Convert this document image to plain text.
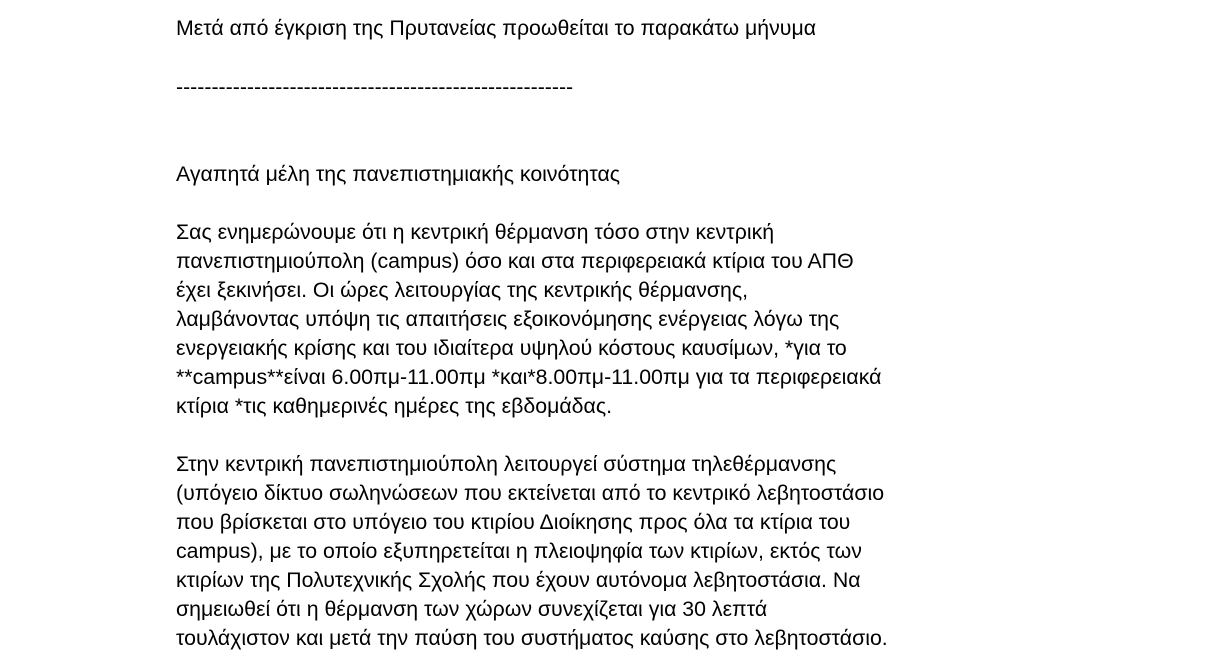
Μετά από έγκριση της Πρυτανείας προωθείται το παρακάτω μήνυμα

--------------------------------------------------------

Αγαπητά μέλη της πανεπιστημιακής κοινότητας

Σας ενημερώνουμε ότι η κεντρική θέρμανση τόσο στην κεντρική
πανεπιστημιούπολη (campus) όσο και στα περιφερειακά κτίρια του ΑΠΘ
έχει ξεκινήσει. Οι ώρες λειτουργίας της κεντρικής θέρμανσης,
λαμβάνοντας υπόψη τις απαιτήσεις εξοικονόμησης ενέργειας λόγω της
ενεργειακής κρίσης και του ιδιαίτερα υψηλού κόστους καυσίμων, *για το
**campus**είναι 6.00πμ-11.00πμ *και*8.00πμ-11.00πμ για τα περιφερειακά
κτίρια *τις καθημερινές ημέρες της εβδομάδας.

Στην κεντρική πανεπιστημιούπολη λειτουργεί σύστημα τηλεθέρμανσης
(υπόγειο δίκτυο σωληνώσεων που εκτείνεται από το κεντρικό λεβητοστάσιο
που βρίσκεται στο υπόγειο του κτιρίου Διοίκησης προς όλα τα κτίρια του
campus), με το οποίο εξυπηρετείται η πλειοψηφία των κτιρίων, εκτός των
κτιρίων της Πολυτεχνικής Σχολής που έχουν αυτόνομα λεβητοστάσια. Να
σημειωθεί ότι η θέρμανση των χώρων συνεχίζεται για 30 λεπτά
τουλάχιστον και μετά την παύση του συστήματος καύσης στο λεβητοστάσιο.
